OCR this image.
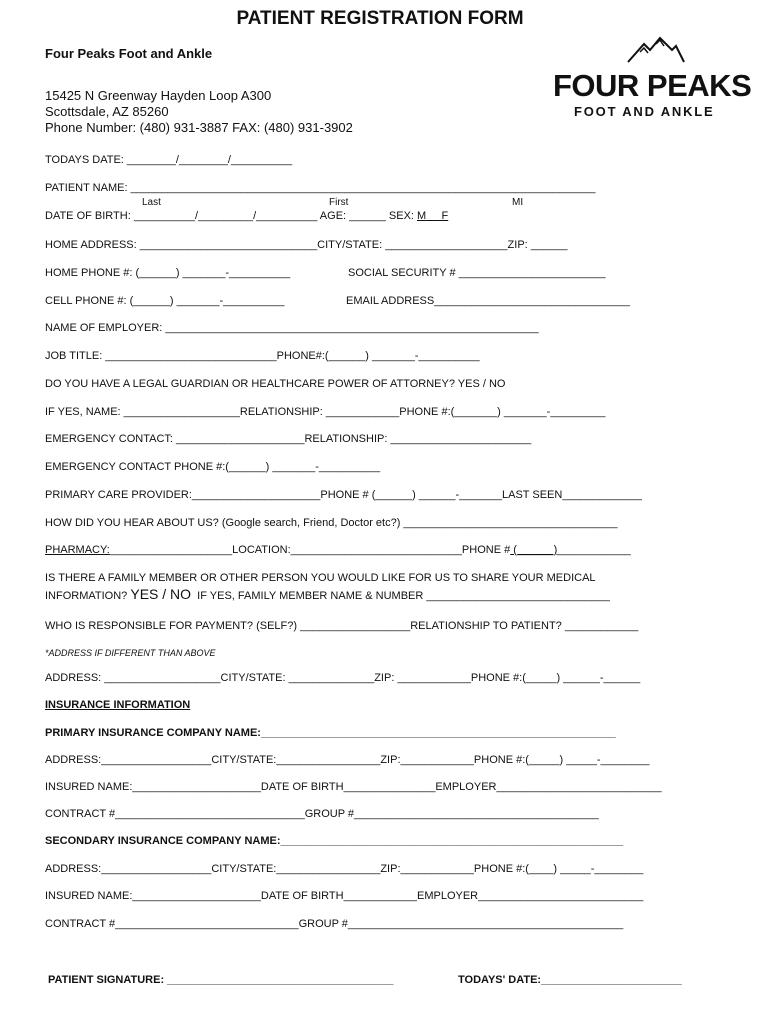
PATIENT REGISTRATION FORM
Four Peaks Foot and Ankle
15425 N Greenway Hayden Loop A300
Scottsdale, AZ 85260
Phone Number: (480) 931-3887 FAX: (480) 931-3902
FOUR PEAKS
FOOT AND ANKLE
TODAYS DATE: ________/________/__________
PATIENT NAME: ____________________________________________________________________________
Last	First	MI
DATE OF BIRTH: __________/_________/__________ AGE: ______ SEX: M F
HOME ADDRESS: _____________________________CITY/STATE: ____________________ZIP: ______
HOME PHONE #: (______) _______-__________	SOCIAL SECURITY # ________________________
CELL PHONE #: (______) _______-__________	EMAIL ADDRESS________________________________
NAME OF EMPLOYER: _____________________________________________________________
JOB TITLE: ____________________________PHONE#:(______) _______-__________
DO YOU HAVE A LEGAL GUARDIAN OR HEALTHCARE POWER OF ATTORNEY? YES / NO
IF YES, NAME: ___________________RELATIONSHIP: ____________PHONE #:(_______) _______-_________
EMERGENCY CONTACT: _____________________RELATIONSHIP: _______________________
EMERGENCY CONTACT PHONE #:(______) _______-__________
PRIMARY CARE PROVIDER:_____________________PHONE # (______) ______-_______LAST SEEN_____________
HOW DID YOU HEAR ABOUT US? (Google search, Friend, Doctor etc?) ___________________________________
PHARMACY:____________________LOCATION:____________________________PHONE # (______)____________
IS THERE A FAMILY MEMBER OR OTHER PERSON YOU WOULD LIKE FOR US TO SHARE YOUR MEDICAL
INFORMATION? YES / NO  IF YES, FAMILY MEMBER NAME & NUMBER ______________________________
WHO IS RESPONSIBLE FOR PAYMENT? (SELF?) __________________RELATIONSHIP TO PATIENT? ____________
*ADDRESS IF DIFFERENT THAN ABOVE
ADDRESS: ___________________CITY/STATE: ______________ZIP: ____________PHONE #:(_____) ______-______
INSURANCE INFORMATION
PRIMARY INSURANCE COMPANY NAME:__________________________________________________________
ADDRESS:__________________CITY/STATE:_________________ZIP:____________PHONE #:(_____) _____-________
INSURED NAME:_____________________DATE OF BIRTH_______________EMPLOYER___________________________
CONTRACT #_______________________________GROUP #________________________________________
SECONDARY INSURANCE COMPANY NAME:________________________________________________________
ADDRESS:__________________CITY/STATE:_________________ZIP:____________PHONE #:(____) _____-________
INSURED NAME:_____________________DATE OF BIRTH____________EMPLOYER___________________________
CONTRACT #______________________________GROUP #_____________________________________________
PATIENT SIGNATURE: _____________________________________	TODAYS' DATE:_______________________
